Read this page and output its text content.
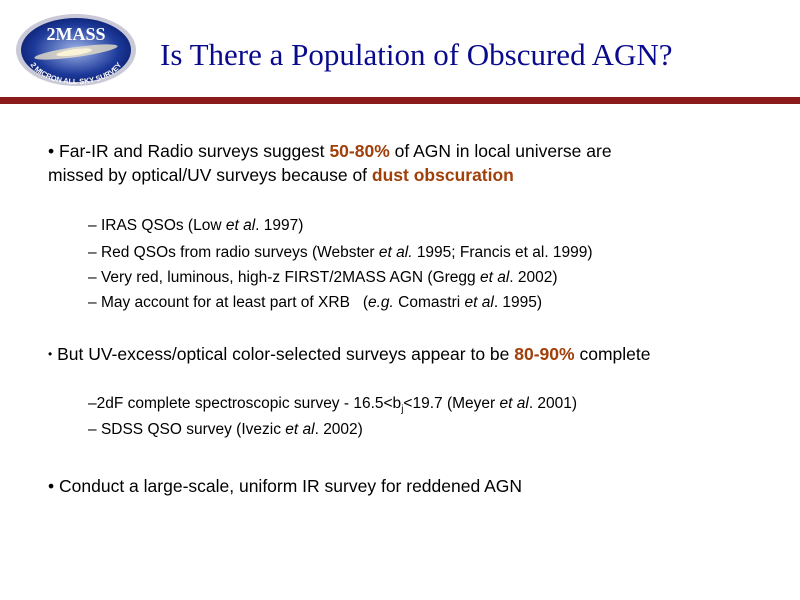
2MASS
2 MICRON ALL SKY SURVEY Is There a Population of Obscured AGN?
• Far-IR and Radio surveys suggest 50-80% of AGN in local universe are
missed by optical/UV surveys because of dust obscuration
– IRAS QSOs (Low et al. 1997)
– Red QSOs from radio surveys (Webster et al. 1995; Francis et al. 1999)
– Very red, luminous, high-z FIRST/2MASS AGN (Gregg et al. 2002)
– May account for at least part of XRB   (e.g. Comastri et al. 1995)
• But UV-excess/optical color-selected surveys appear to be 80-90% complete
–2dF complete spectroscopic survey - $16.5<b_j<19.7$ (Meyer et al. 2001)
– SDSS QSO survey (Ivezic et al. 2002)
• Conduct a large-scale, uniform IR survey for reddened AGN
